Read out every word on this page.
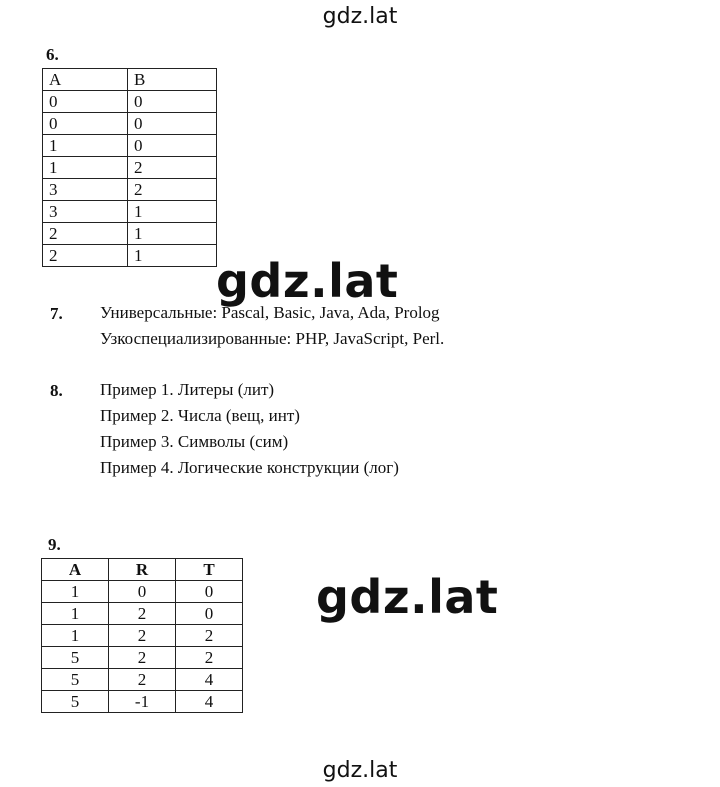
gdz.lat
6.
A	B
0	0
0	0
1	0
1	2
3	2
3	1
2	1
2	1 gdz.lat
7. Универсальные: Pascal, Basic, Java, Ada, Prolog
Узкоспециализированные: PHP, JavaScript, Perl.
8. Пример 1. Литеры (лит)
Пример 2. Числа (вещ, инт)
Пример 3. Символы (сим)
Пример 4. Логические конструкции (лог)
9.
A	R	T
1	0	0
1	2	0
1	2	2
5	2	2
5	2	4
5	-1	4
gdz.lat
gdz.lat
